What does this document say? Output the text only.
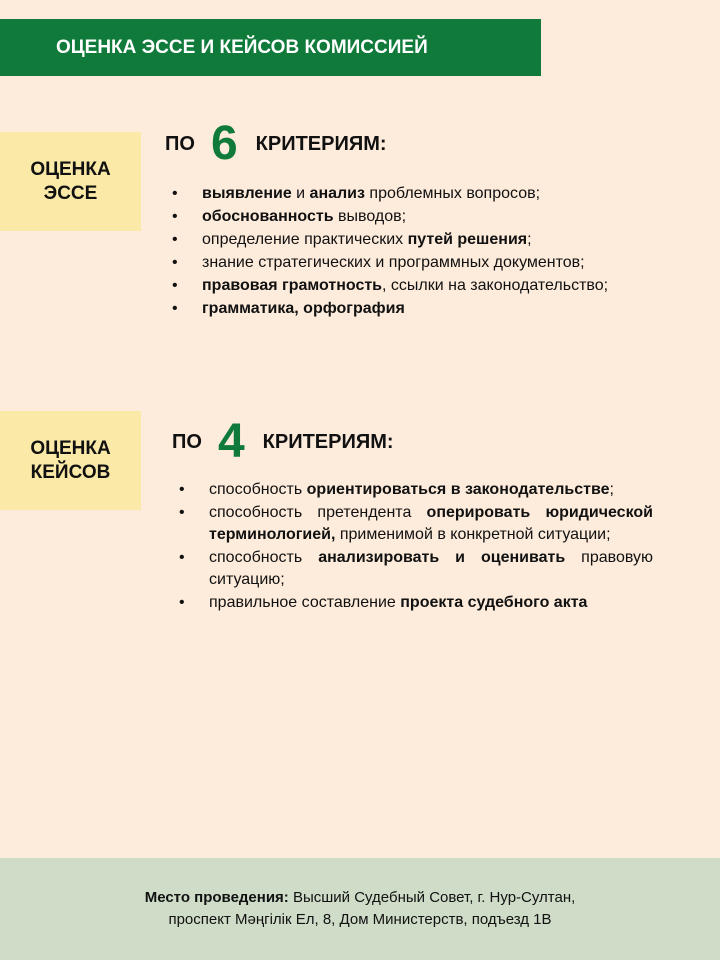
ОЦЕНКА ЭССЕ И КЕЙСОВ КОМИССИЕЙ
ОЦЕНКА
ЭССЕ
ПО 6 КРИТЕРИЯМ:
• выявление и анализ проблемных вопросов;
• обоснованность выводов;
• определение практических путей решения;
• знание стратегических и программных документов;
• правовая грамотность, ссылки на законодательство;
• грамматика, орфография
ОЦЕНКА
КЕЙСОВ
ПО 4 КРИТЕРИЯМ:
• способность ориентироваться в законодательстве;
• способность претендента оперировать юридической терминологией, применимой в конкретной ситуации;
• способность анализировать и оценивать правовую ситуацию;
• правильное составление проекта судебного акта
Место проведения: Высший Судебный Совет, г. Нур-Султан,
проспект Мәңгілік Ел, 8, Дом Министерств, подъезд 1В
